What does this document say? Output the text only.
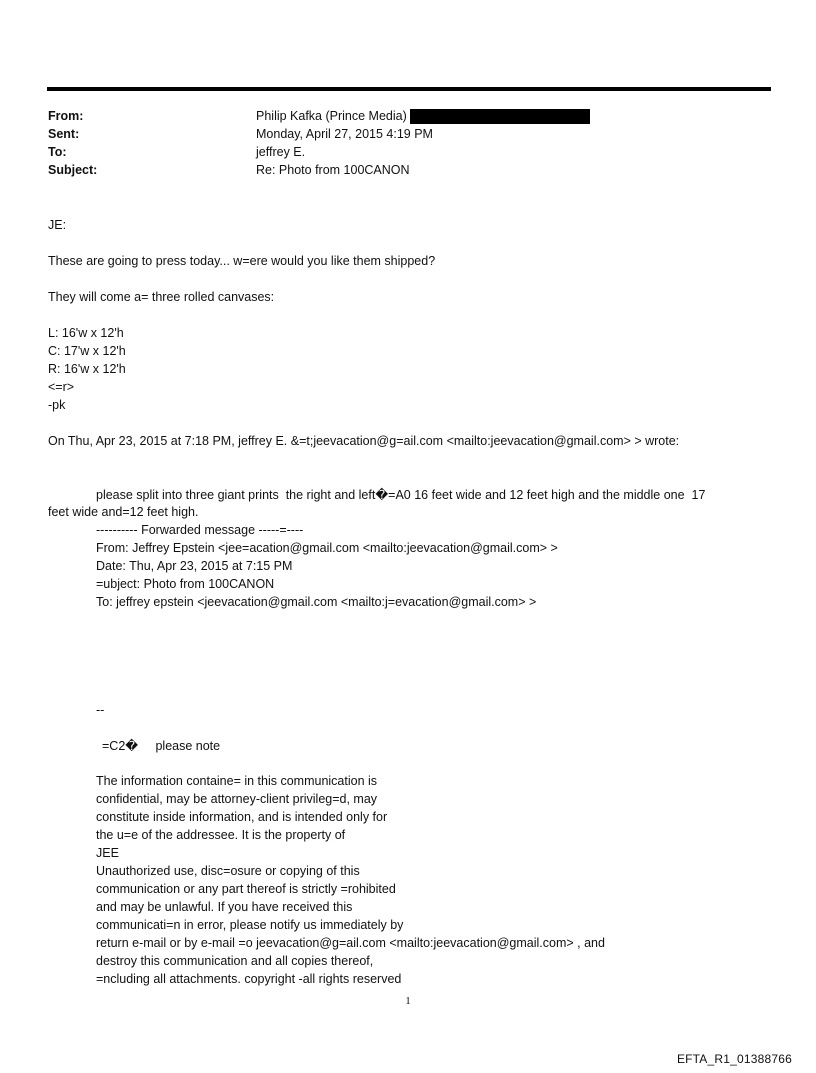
From:	Philip Kafka (Prince Media)
Sent:	Monday, April 27, 2015 4:19 PM
To:	jeffrey E.
Subject:	Re: Photo from 100CANON
JE:
These are going to press today... w=ere would you like them shipped?
They will come a= three rolled canvases:
L: 16'w x 12'h
C: 17'w x 12'h
R: 16'w x 12'h
<=r>
-pk
On Thu, Apr 23, 2015 at 7:18 PM, jeffrey E. &=t;jeevacation@g=ail.com <mailto:jeevacation@gmail.com> > wrote:
please split into three giant prints  the right and left�=A0 16 feet wide and 12 feet high and the middle one  17
feet wide and=12 feet high.
---------- Forwarded message -----=----
From: Jeffrey Epstein <jee=acation@gmail.com <mailto:jeevacation@gmail.com> >
Date: Thu, Apr 23, 2015 at 7:15 PM
=ubject: Photo from 100CANON
To: jeffrey epstein <jeevacation@gmail.com <mailto:j=evacation@gmail.com> >
--
=C2�     please note
The information containe= in this communication is
confidential, may be attorney-client privileg=d, may
constitute inside information, and is intended only for
the u=e of the addressee. It is the property of
JEE
Unauthorized use, disc=osure or copying of this
communication or any part thereof is strictly =rohibited
and may be unlawful. If you have received this
communicati=n in error, please notify us immediately by
return e-mail or by e-mail =o jeevacation@g=ail.com <mailto:jeevacation@gmail.com> , and
destroy this communication and all copies thereof,
=ncluding all attachments. copyright -all rights reserved
1
EFTA_R1_01388766
